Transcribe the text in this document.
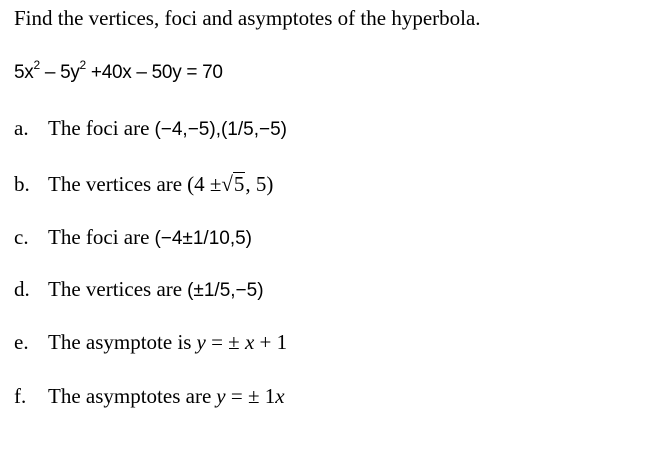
Find the vertices, foci and asymptotes of the hyperbola.
$5x^2 - 5y^2 +40x - 50y = 70$
a. The foci are (−4,−5),(1/5,−5)
b. The vertices are (4 ±√5, 5)
c. The foci are (−4±1/10,5)
d. The vertices are (±1/5,−5)
e. The asymptote is y = ± x + 1
f. The asymptotes are y = ± 1x
